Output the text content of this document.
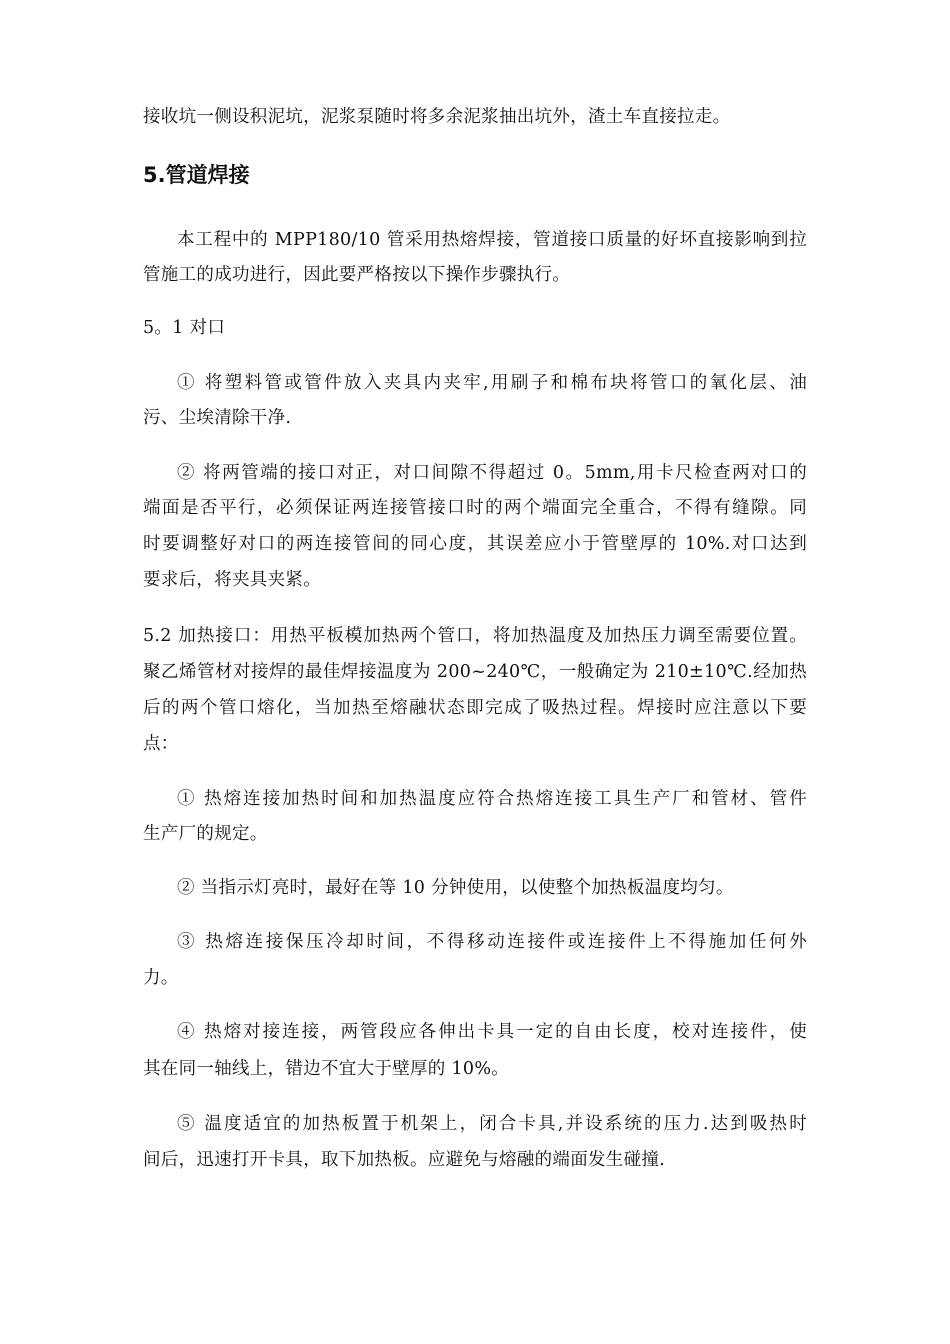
接收坑一侧设积泥坑，泥浆泵随时将多余泥浆抽出坑外，渣土车直接拉走。
5.管道焊接
本工程中的 MPP180/10 管采用热熔焊接，管道接口质量的好坏直接影响到拉
管施工的成功进行，因此要严格按以下操作步骤执行。
5。1 对口
① 将塑料管或管件放入夹具内夹牢,用刷子和棉布块将管口的氧化层、油
污、尘埃清除干净.
② 将两管端的接口对正，对口间隙不得超过 0。5mm,用卡尺检查两对口的
端面是否平行，必须保证两连接管接口时的两个端面完全重合，不得有缝隙。同
时要调整好对口的两连接管间的同心度，其误差应小于管壁厚的 10%.对口达到
要求后，将夹具夹紧。
5.2 加热接口：用热平板模加热两个管口，将加热温度及加热压力调至需要位置。
聚乙烯管材对接焊的最佳焊接温度为 200~240℃，一般确定为 210±10℃.经加热
后的两个管口熔化，当加热至熔融状态即完成了吸热过程。焊接时应注意以下要
点：
① 热熔连接加热时间和加热温度应符合热熔连接工具生产厂和管材、管件
生产厂的规定。
② 当指示灯亮时，最好在等 10 分钟使用，以使整个加热板温度均匀。
③ 热熔连接保压冷却时间，不得移动连接件或连接件上不得施加任何外
力。
④ 热熔对接连接，两管段应各伸出卡具一定的自由长度，校对连接件，使
其在同一轴线上，错边不宜大于壁厚的 10%。
⑤ 温度适宜的加热板置于机架上，闭合卡具,并设系统的压力.达到吸热时
间后，迅速打开卡具，取下加热板。应避免与熔融的端面发生碰撞.
